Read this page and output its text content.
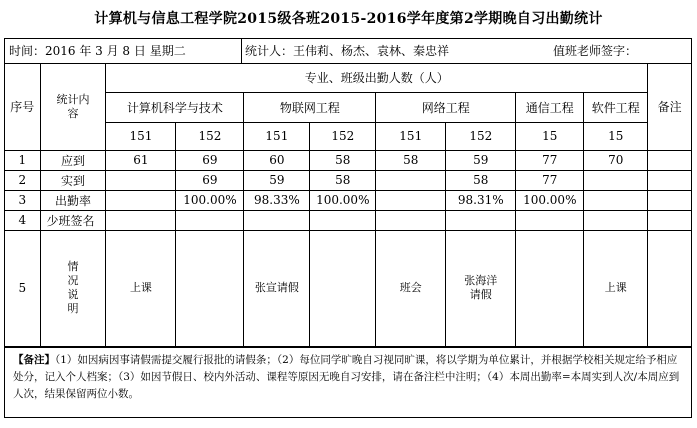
计算机与信息工程学院2015级各班2015-2016学年度第2学期晚自习出勤统计
时间：2016 年 3 月 8 日 星期二	统计人：王伟莉、杨杰、袁林、秦忠祥	值班老师签字：
序号	统计内容	专业、班级出勤人数（人）								备注
		计算机科学与技术		物联网工程		网络工程		通信工程	软件工程	
		151	152	151	152	151	152	15	15	
1	应到	61	69	60	58	58	59	77	70	
2	实到		69	59	58		58	77		
3	出勤率		100.00%	98.33%	100.00%		98.31%	100.00%		
4	少班签名									
5	情况说明	上课		张宣请假		班会	张海洋请假		上课	
【备注】（1）如因病因事请假需提交履行报批的请假条；（2）每位同学旷晚自习视同旷课，将以学期为单位累计，并根据学校相关规定给予相应处分，记入个人档案；（3）如因节假日、校内外活动、课程等原因无晚自习安排，请在备注栏中注明；（4）本周出勤率=本周实到人次/本周应到人次，结果保留两位小数。
